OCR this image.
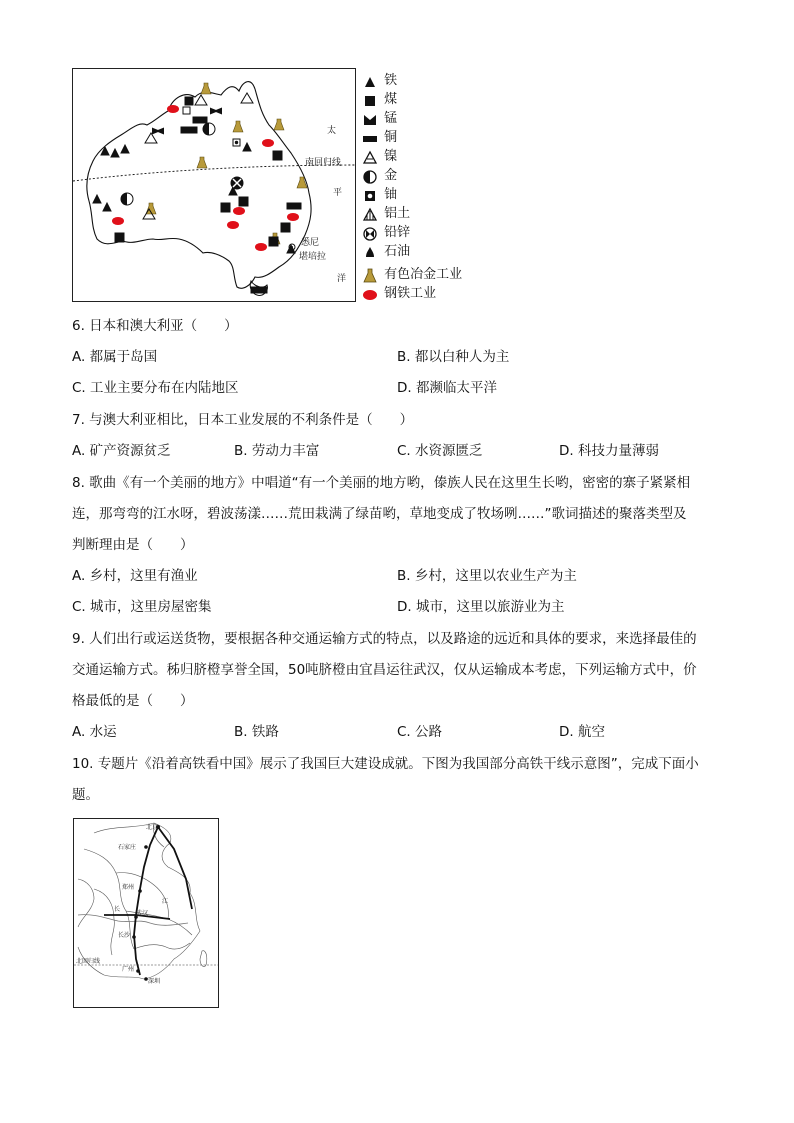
南回归线
太
平
洋
悉尼
堪培拉
铁
煤
锰
铜
镍
金
铀
铝土
铅锌
石油
有色冶金工业
钢铁工业
6. 日本和澳大利亚（　　）
A. 都属于岛国	B. 都以白种人为主
C. 工业主要分布在内陆地区	D. 都濒临太平洋
7. 与澳大利亚相比，日本工业发展的不利条件是（　　）
A. 矿产资源贫乏	B. 劳动力丰富	C. 水资源匮乏	D. 科技力量薄弱
8. 歌曲《有一个美丽的地方》中唱道“有一个美丽的地方哟，傣族人民在这里生长哟，密密的寨子紧紧相
连，那弯弯的江水呀，碧波荡漾……荒田栽满了绿苗哟，草地变成了牧场咧……”歌词描述的聚落类型及
判断理由是（　　）
A. 乡村，这里有渔业	B. 乡村，这里以农业生产为主
C. 城市，这里房屋密集	D. 城市，这里以旅游业为主
9. 人们出行或运送货物，要根据各种交通运输方式的特点，以及路途的远近和具体的要求，来选择最佳的
交通运输方式。秭归脐橙享誉全国，50吨脐橙由宜昌运往武汉，仅从运输成本考虑，下列运输方式中，价
格最低的是（　　）
A. 水运	B. 铁路	C. 公路	D. 航空
10. 专题片《沿着高铁看中国》展示了我国巨大建设成就。下图为我国部分高铁干线示意图”，完成下面小
题。
北京
石家庄
郑州
武汉
长沙
广州
深圳
北回归线
长
江
